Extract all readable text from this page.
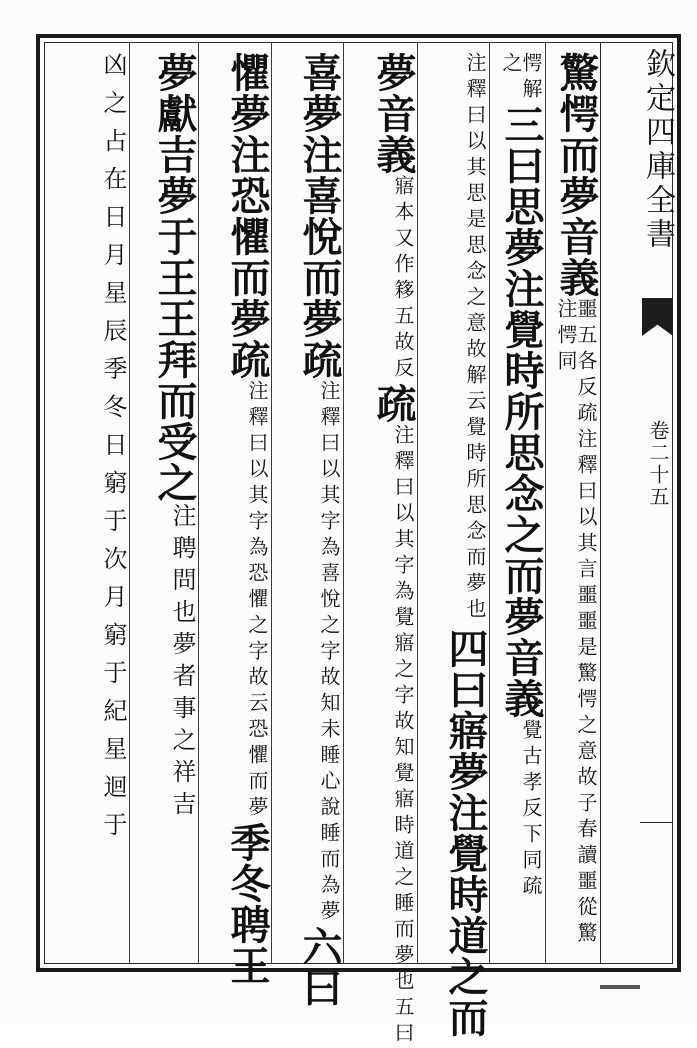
欽定四庫全書
卷二十五
驚愕而夢音義
噩五各反
注愕同
疏注釋曰以其言噩噩是驚愕之意故子春讀噩從驚
愕解
之
三曰思夢注覺時所思念之而夢音義
覺古孝反下同疏
注釋曰以其思是思念之意
故解云覺時所思念而夢也
四曰寤夢注覺時道之而
夢音義
寤本又作
簃五故反
疏
注釋曰以其字為覺寤之字故知覺寤時道之睡而夢也五曰
喜夢注喜悅而夢疏
注釋曰以其字為喜悅之字
故知未睡心說睡而為夢
六曰
懼夢注恐懼而夢疏
注釋曰以其字為恐懼
之字故云恐懼而夢
季冬聘王
夢獻吉夢于王王拜而受之
注聘問也夢者事之祥吉
凶之占在日月星辰季冬日窮于次月窮于紀星迴于
